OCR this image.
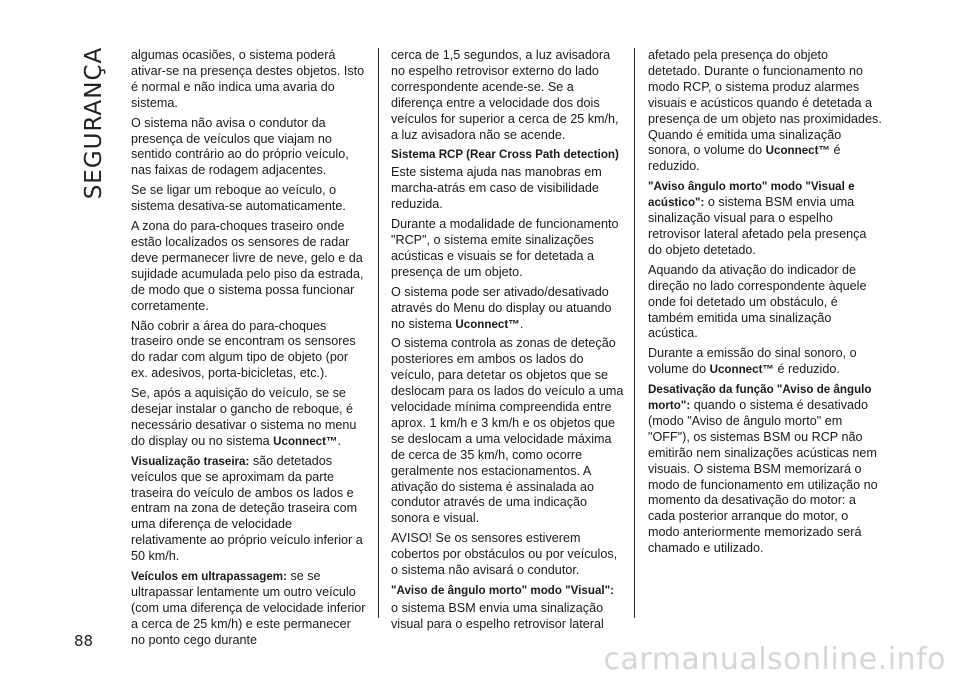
SEGURANÇA algumas ocasiões, o sistema poderá ativar-se na presença destes objetos. Isto é normal e não indica uma avaria do sistema.

O sistema não avisa o condutor da presença de veículos que viajam no sentido contrário ao do próprio veículo, nas faixas de rodagem adjacentes.

Se se ligar um reboque ao veículo, o sistema desativa-se automaticamente.

A zona do para-choques traseiro onde estão localizados os sensores de radar deve permanecer livre de neve, gelo e da sujidade acumulada pelo piso da estrada, de modo que o sistema possa funcionar corretamente.

Não cobrir a área do para-choques traseiro onde se encontram os sensores do radar com algum tipo de objeto (por ex. adesivos, porta-bicicletas, etc.).

Se, após a aquisição do veículo, se se desejar instalar o gancho de reboque, é necessário desativar o sistema no menu do display ou no sistema Uconnect™.

Visualização traseira: são detetados veículos que se aproximam da parte traseira do veículo de ambos os lados e entram na zona de deteção traseira com uma diferença de velocidade relativamente ao próprio veículo inferior a 50 km/h.

Veículos em ultrapassagem: se se ultrapassar lentamente um outro veículo (com uma diferença de velocidade inferior a cerca de 25 km/h) e este permanecer no ponto cego durante

cerca de 1,5 segundos, a luz avisadora no espelho retrovisor externo do lado correspondente acende-se. Se a diferença entre a velocidade dos dois veículos for superior a cerca de 25 km/h, a luz avisadora não se acende.

Sistema RCP (Rear Cross Path detection)

Este sistema ajuda nas manobras em marcha-atrás em caso de visibilidade reduzida.

Durante a modalidade de funcionamento "RCP", o sistema emite sinalizações acústicas e visuais se for detetada a presença de um objeto.

O sistema pode ser ativado/desativado através do Menu do display ou atuando no sistema Uconnect™.

O sistema controla as zonas de deteção posteriores em ambos os lados do veículo, para detetar os objetos que se deslocam para os lados do veículo a uma velocidade mínima compreendida entre aprox. 1 km/h e 3 km/h e os objetos que se deslocam a uma velocidade máxima de cerca de 35 km/h, como ocorre geralmente nos estacionamentos. A ativação do sistema é assinalada ao condutor através de uma indicação sonora e visual.

AVISO! Se os sensores estiverem cobertos por obstáculos ou por veículos, o sistema não avisará o condutor.

"Aviso de ângulo morto" modo "Visual":

o sistema BSM envia uma sinalização visual para o espelho retrovisor lateral

afetado pela presença do objeto detetado. Durante o funcionamento no modo RCP, o sistema produz alarmes visuais e acústicos quando é detetada a presença de um objeto nas proximidades. Quando é emitida uma sinalização sonora, o volume do Uconnect™ é reduzido.

"Aviso ângulo morto" modo "Visual e acústico": o sistema BSM envia uma sinalização visual para o espelho retrovisor lateral afetado pela presença do objeto detetado.

Aquando da ativação do indicador de direção no lado correspondente àquele onde foi detetado um obstáculo, é também emitida uma sinalização acústica.

Durante a emissão do sinal sonoro, o volume do Uconnect™ é reduzido.

Desativação da função "Aviso de ângulo morto": quando o sistema é desativado (modo "Aviso de ângulo morto" em "OFF"), os sistemas BSM ou RCP não emitirão nem sinalizações acústicas nem visuais. O sistema BSM memorizará o modo de funcionamento em utilização no momento da desativação do motor: a cada posterior arranque do motor, o modo anteriormente memorizado será chamado e utilizado.

88
carmanualsonline.info
